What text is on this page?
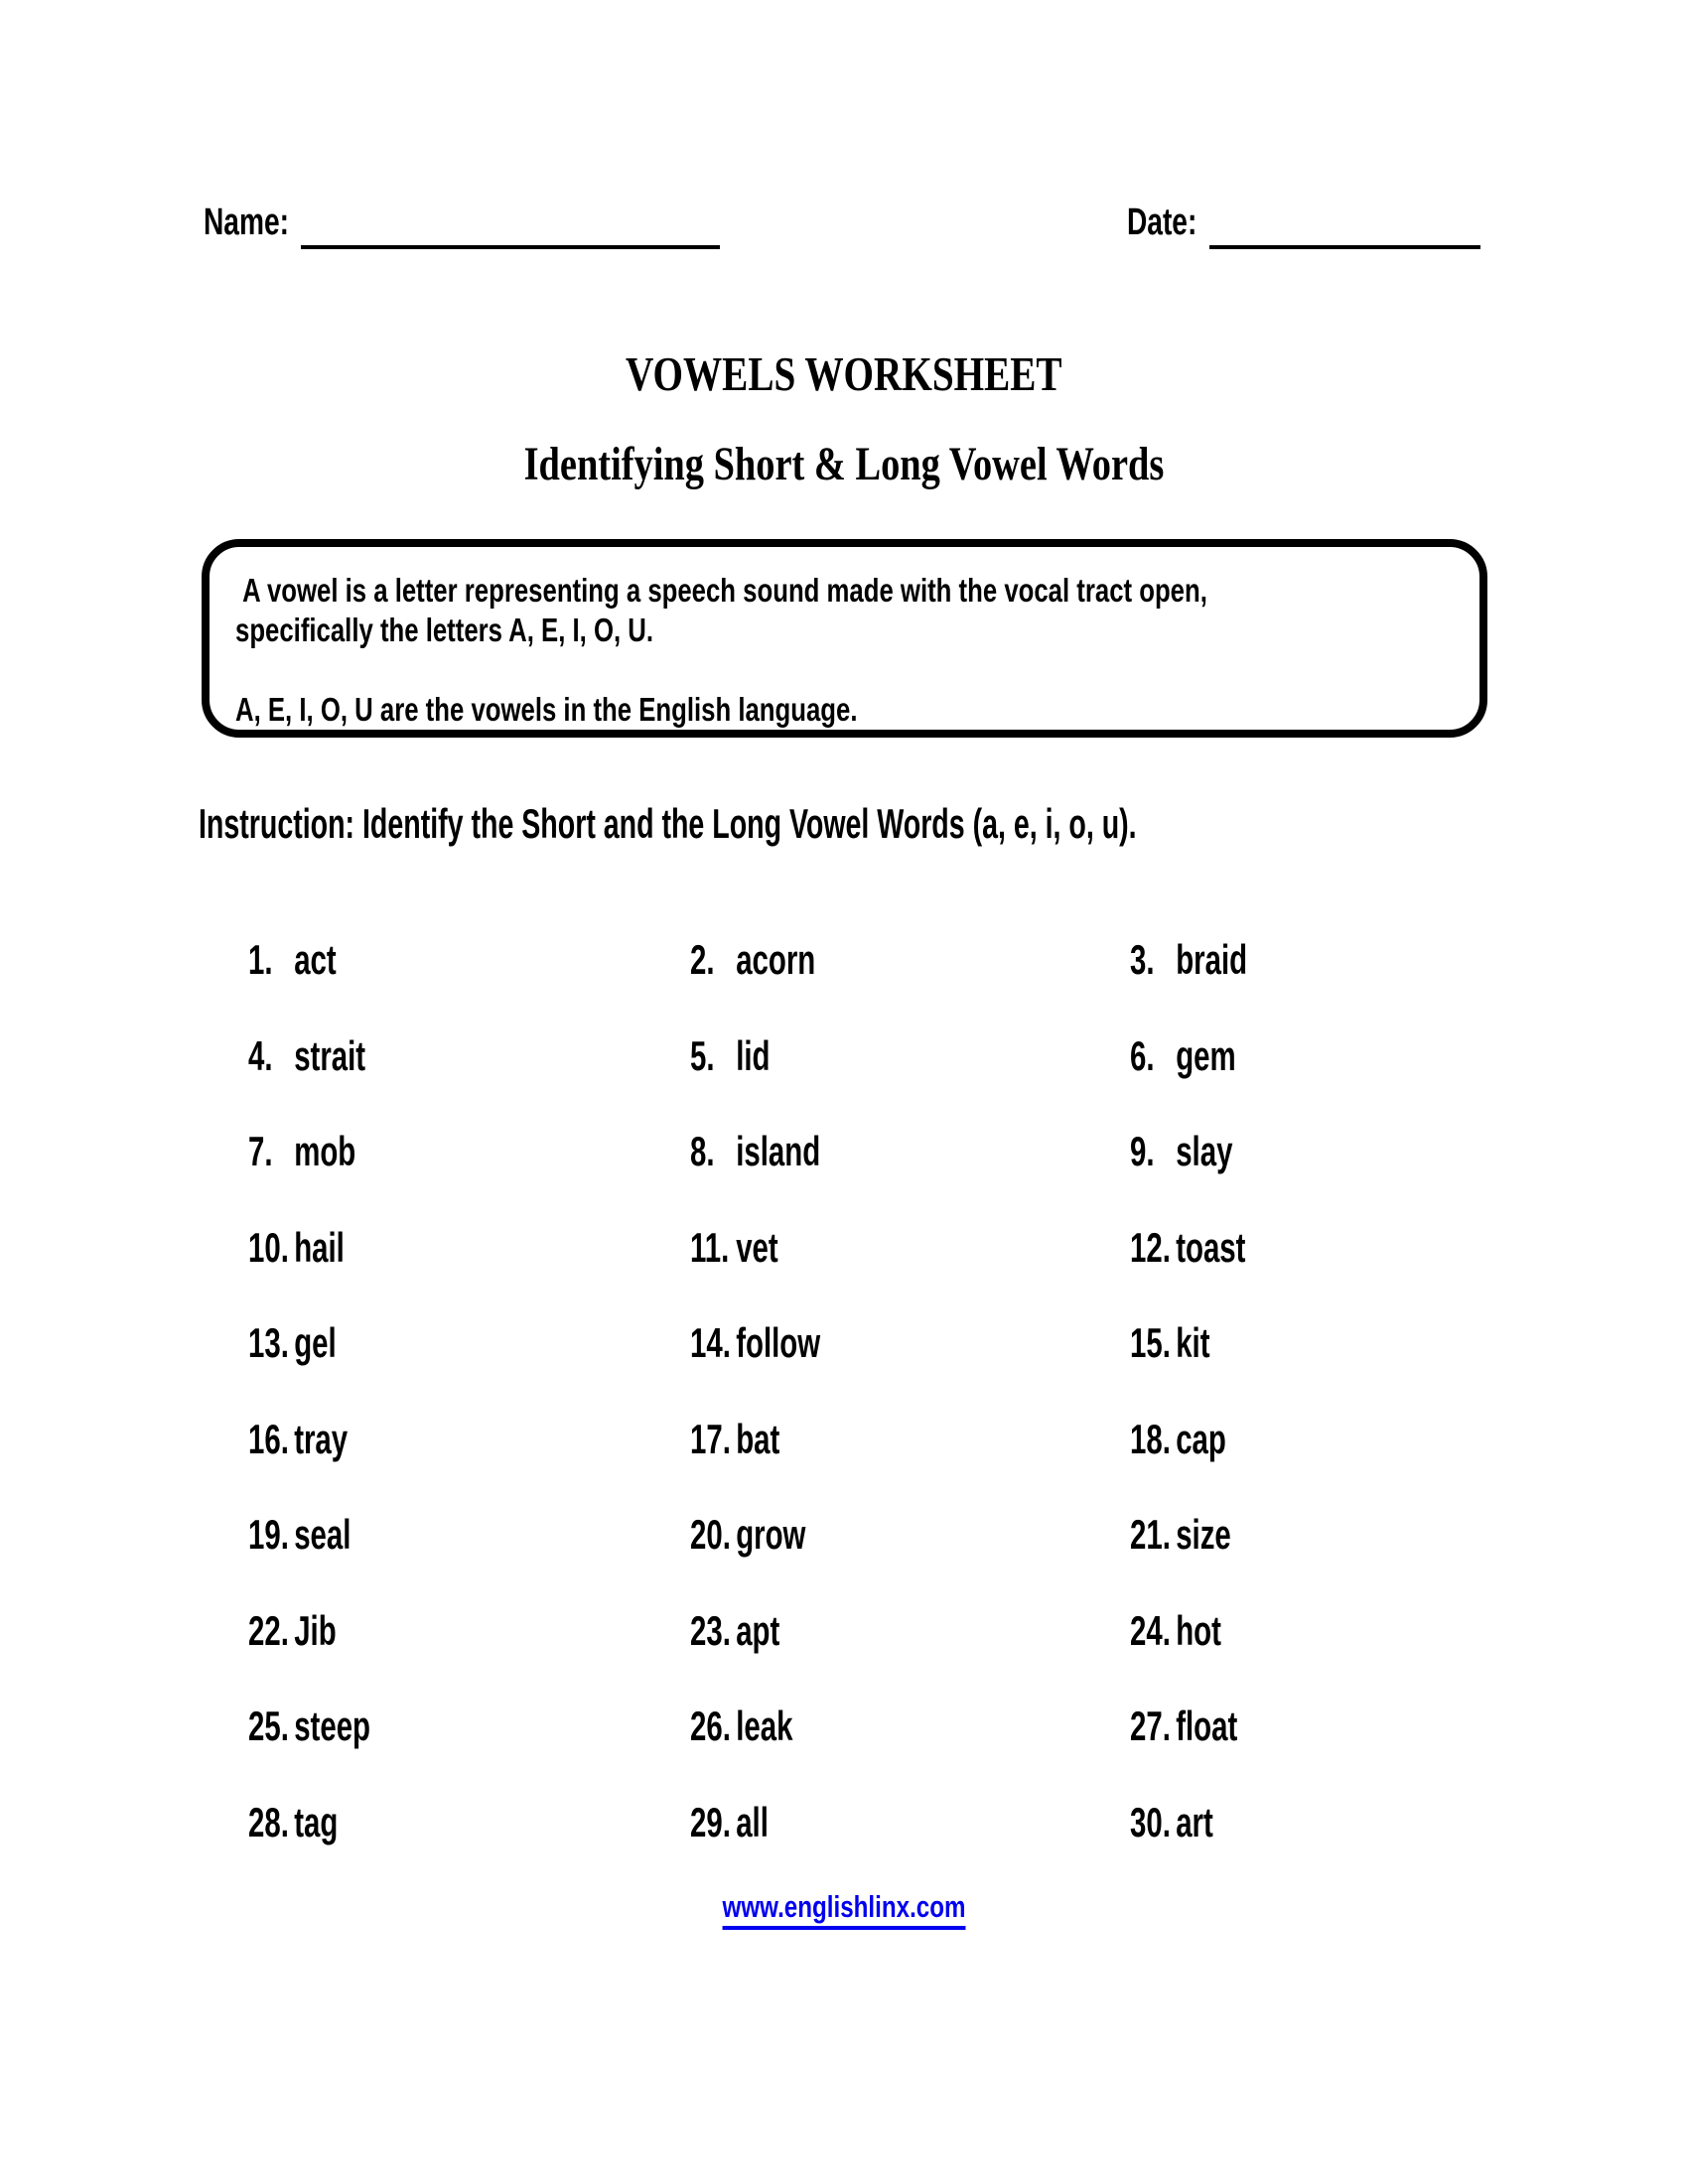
Name:	Date:
VOWELS WORKSHEET
Identifying Short & Long Vowel Words

A vowel is a letter representing a speech sound made with the vocal tract open, specifically the letters A, E, I, O, U.

A, E, I, O, U are the vowels in the English language.

Instruction: Identify the Short and the Long Vowel Words (a, e, i, o, u).
1. act	2. acorn	3. braid
4. strait	5. lid	6. gem
7. mob	8. island	9. slay
10. hail	11. vet	12. toast
13. gel	14. follow	15. kit
16. tray	17. bat	18. cap
19. seal	20. grow	21. size
22. Jib	23. apt	24. hot
25. steep	26. leak	27. float
28. tag	29. all	30. art
www.englishlinx.com
